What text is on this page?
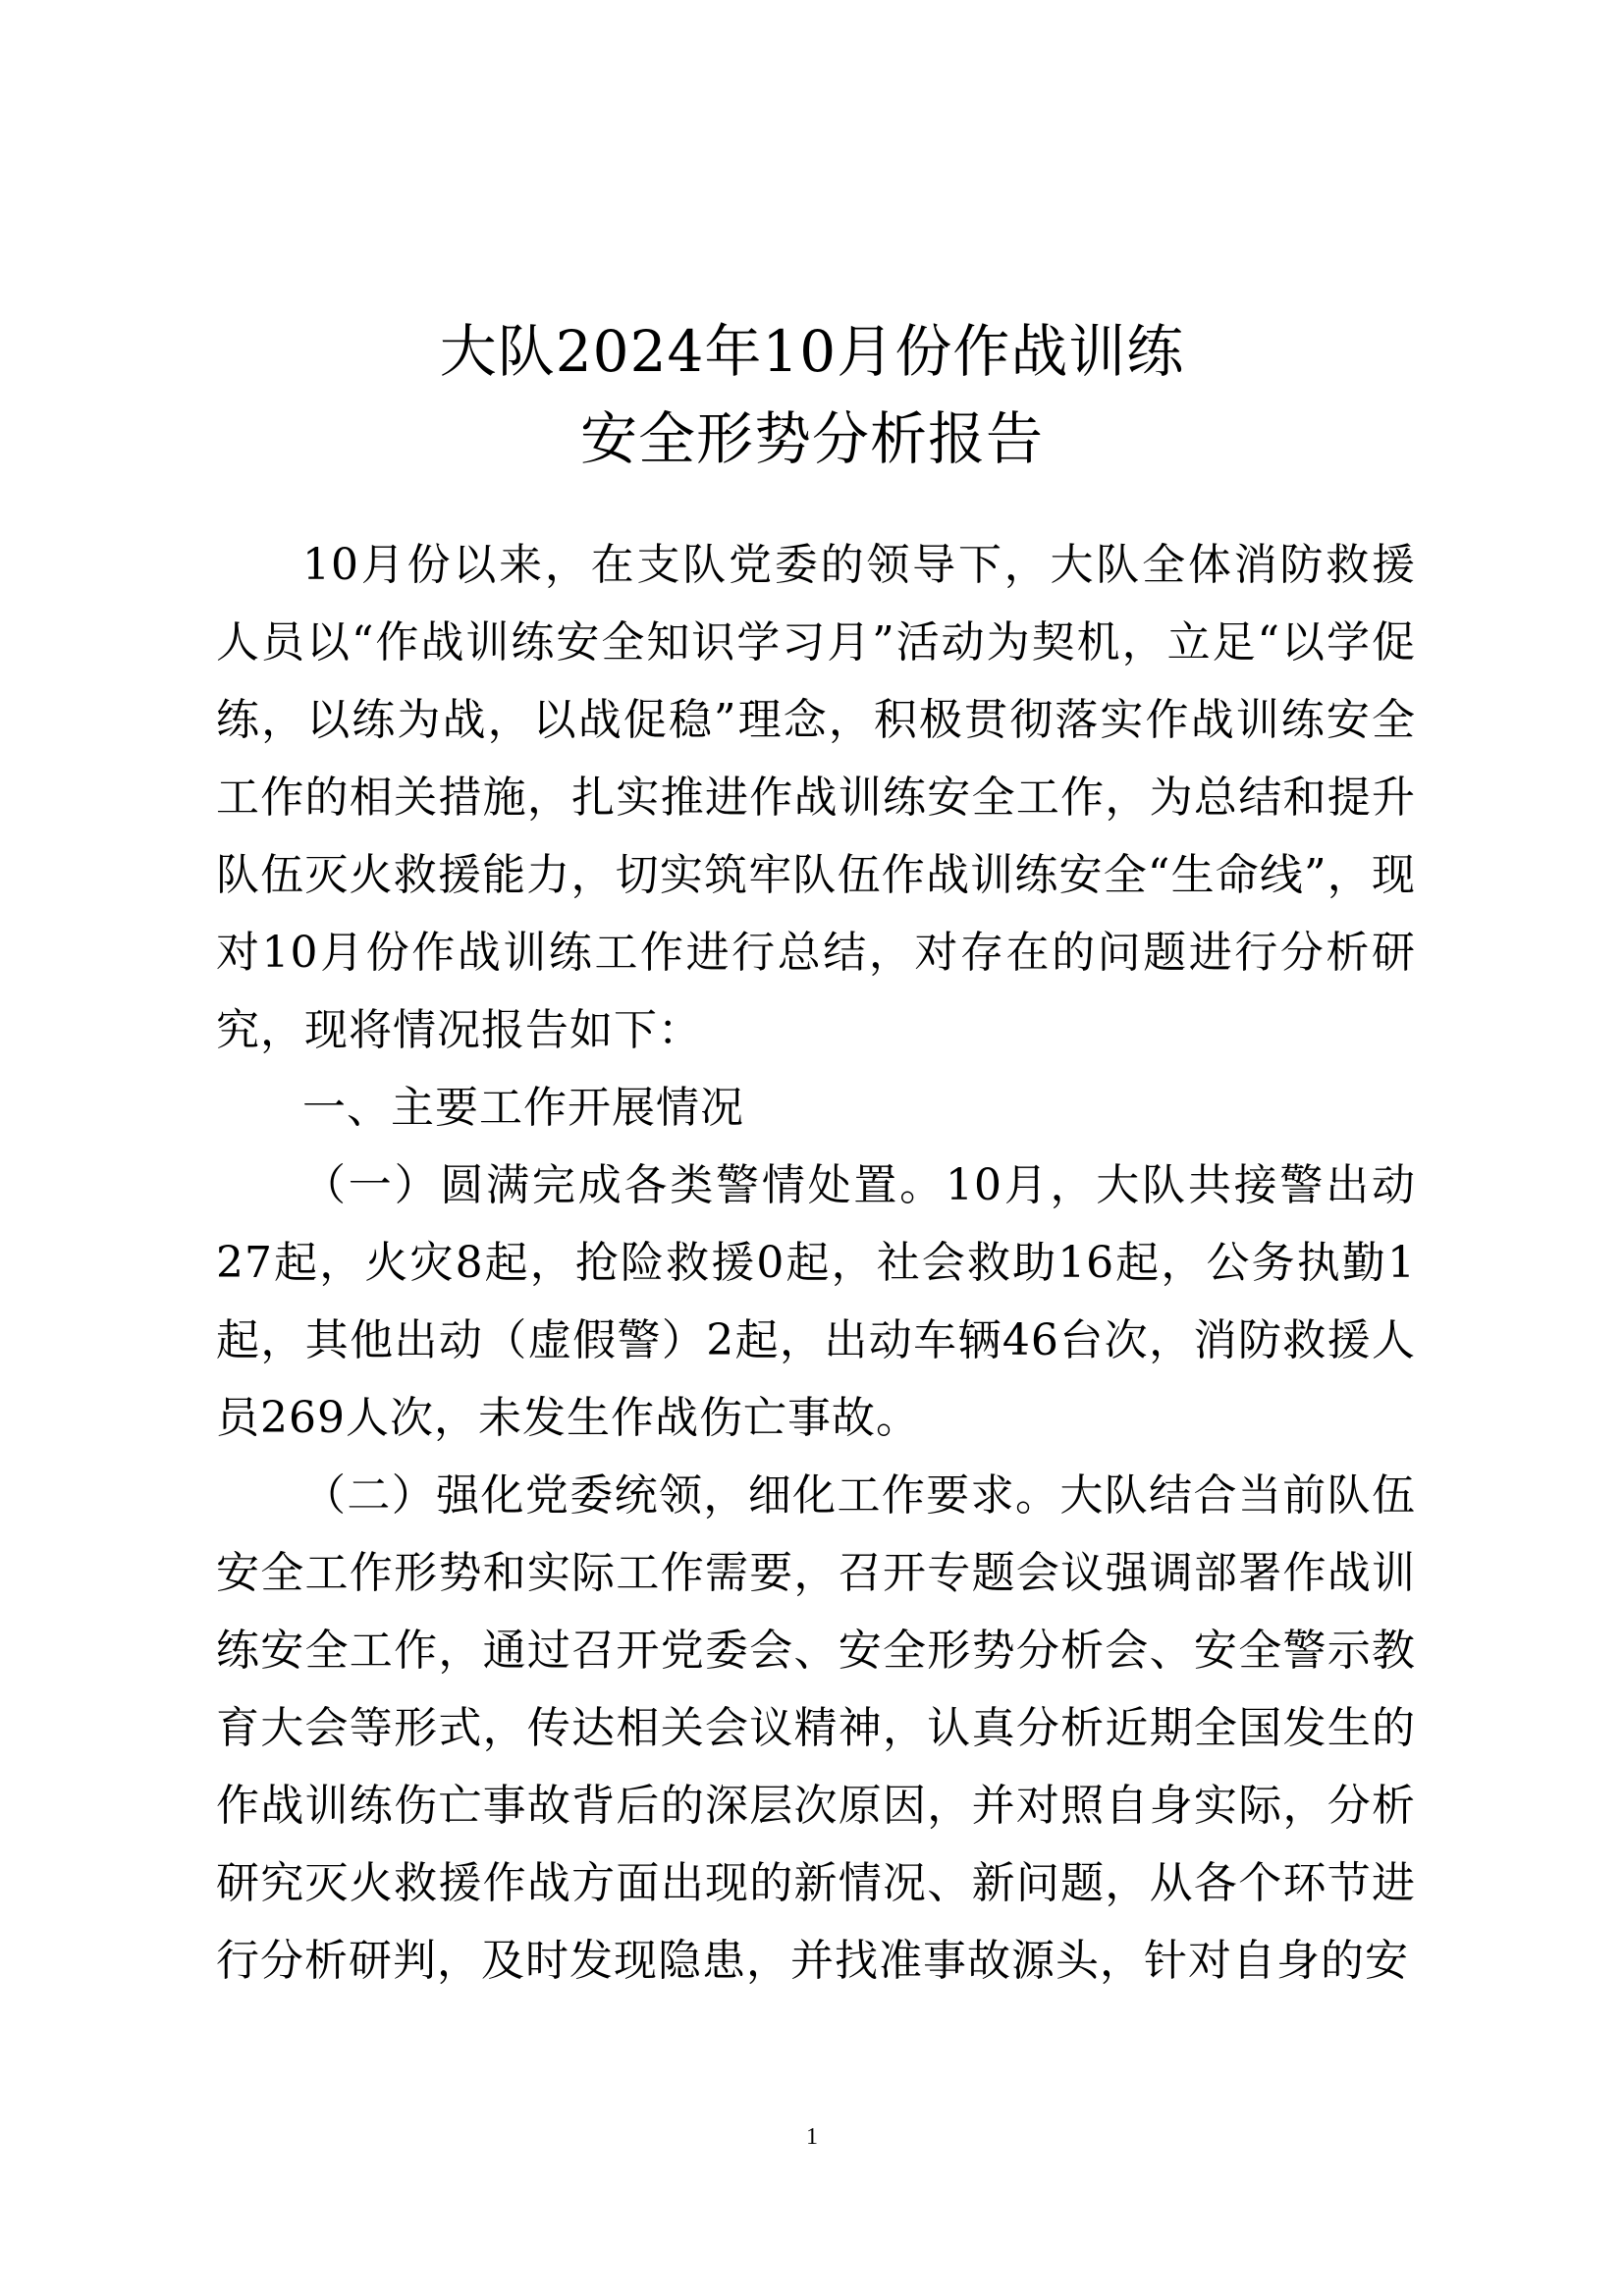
大队2024年10月份作战训练
安全形势分析报告

10月份以来，在支队党委的领导下，大队全体消防救援人员以“作战训练安全知识学习月”活动为契机，立足“以学促练，以练为战，以战促稳”理念，积极贯彻落实作战训练安全工作的相关措施，扎实推进作战训练安全工作，为总结和提升队伍灭火救援能力，切实筑牢队伍作战训练安全“生命线”，现对10月份作战训练工作进行总结，对存在的问题进行分析研究，现将情况报告如下：

一、主要工作开展情况

（一）圆满完成各类警情处置。10月，大队共接警出动27起，火灾8起，抢险救援0起，社会救助16起，公务执勤1起，其他出动（虚假警）2起，出动车辆46台次，消防救援人员269人次，未发生作战伤亡事故。

（二）强化党委统领，细化工作要求。大队结合当前队伍安全工作形势和实际工作需要，召开专题会议强调部署作战训练安全工作，通过召开党委会、安全形势分析会、安全警示教育大会等形式，传达相关会议精神，认真分析近期全国发生的作战训练伤亡事故背后的深层次原因，并对照自身实际，分析研究灭火救援作战方面出现的新情况、新问题，从各个环节进行分析研判，及时发现隐患，并找准事故源头，针对自身的安

1
